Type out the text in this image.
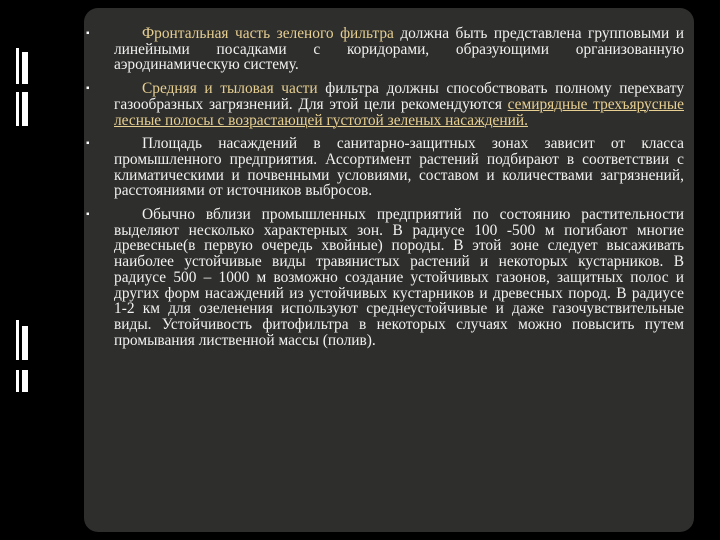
▪	Фронтальная часть зеленого фильтра должна быть представлена групповыми и линейными посадками с коридорами, образующими организованную аэродинамическую систему.
▪	Средняя и тыловая части фильтра должны способствовать полному перехвату газообразных загрязнений. Для этой цели рекомендуются семирядные трехъярусные лесные полосы с возрастающей густотой зеленых насаждений.
▪	Площадь насаждений в санитарно-защитных зонах зависит от класса промышленного предприятия. Ассортимент растений подбирают в соответствии с климатическими и почвенными условиями, составом и количествами загрязнений, расстояниями от источников выбросов.
▪	Обычно вблизи промышленных предприятий по состоянию растительности выделяют несколько характерных зон. В радиусе 100 -500 м погибают многие древесные(в первую очередь хвойные) породы. В этой зоне следует высаживать наиболее устойчивые виды травянистых растений и некоторых кустарников. В радиусе 500 – 1000 м возможно создание устойчивых газонов, защитных полос и других форм насаждений из устойчивых кустарников и древесных пород. В радиусе 1-2 км для озеленения используют среднеустойчивые и даже газочувствительные виды. Устойчивость фитофильтра в некоторых случаях можно повысить путем промывания лиственной массы (полив).
